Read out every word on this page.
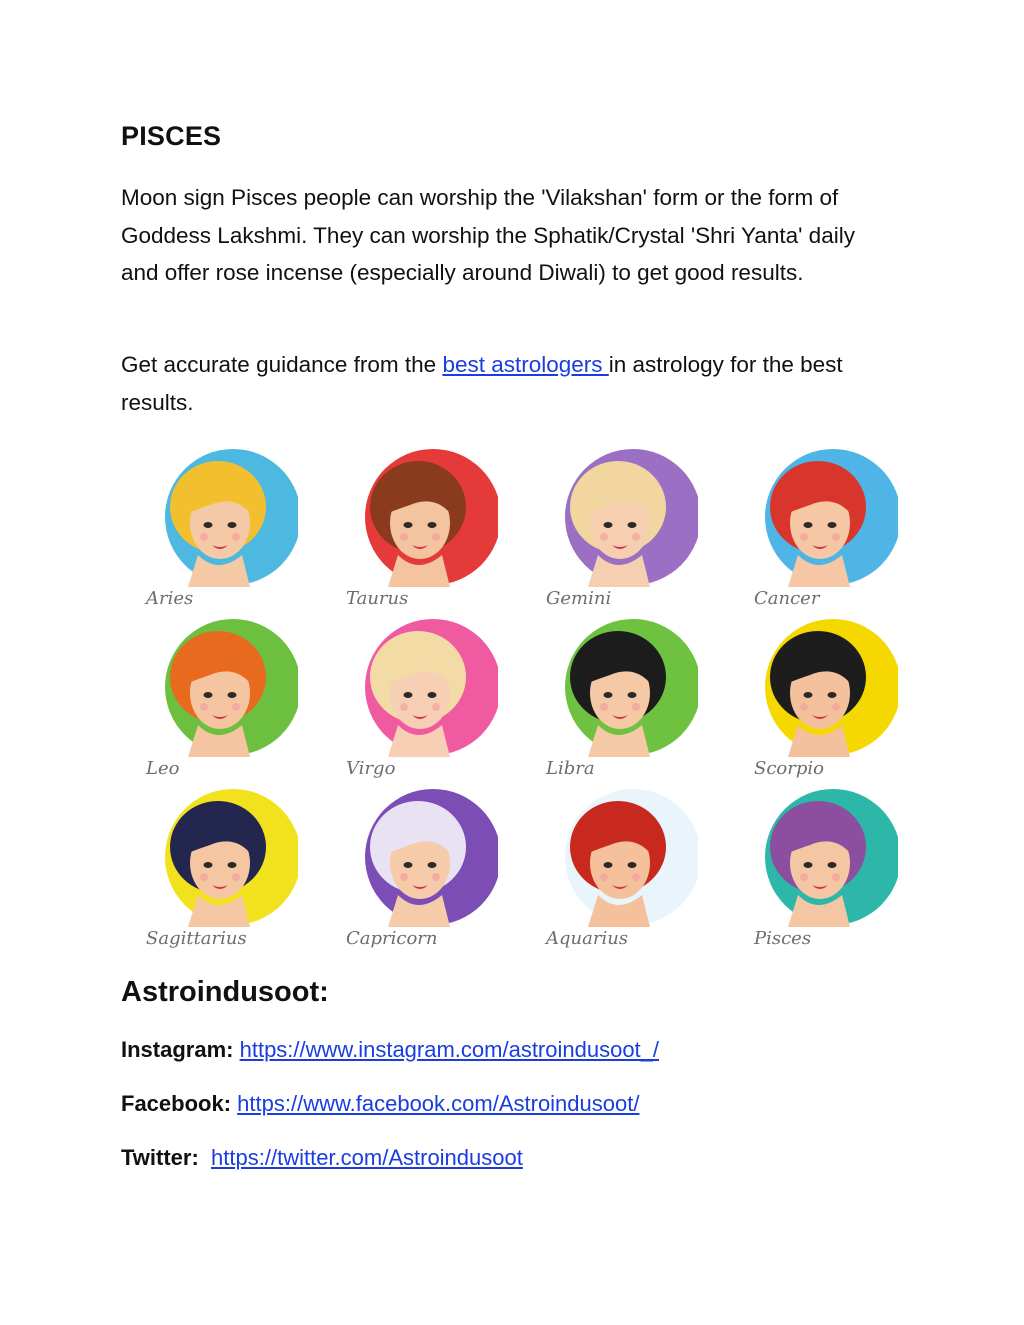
PISCES

Moon sign Pisces people can worship the 'Vilakshan' form or the form of Goddess Lakshmi. They can worship the Sphatik/Crystal 'Shri Yanta' daily and offer rose incense (especially around Diwali) to get good results.

Get accurate guidance from the best astrologers in astrology for the best results.

Aries	Taurus	Gemini	Cancer
Leo	Virgo	Libra	Scorpio
Sagittarius	Capricorn	Aquarius	Pisces
Astroindusoot:

Instagram: https://www.instagram.com/astroindusoot_/

Facebook: https://www.facebook.com/Astroindusoot/

Twitter: https://twitter.com/Astroindusoot
